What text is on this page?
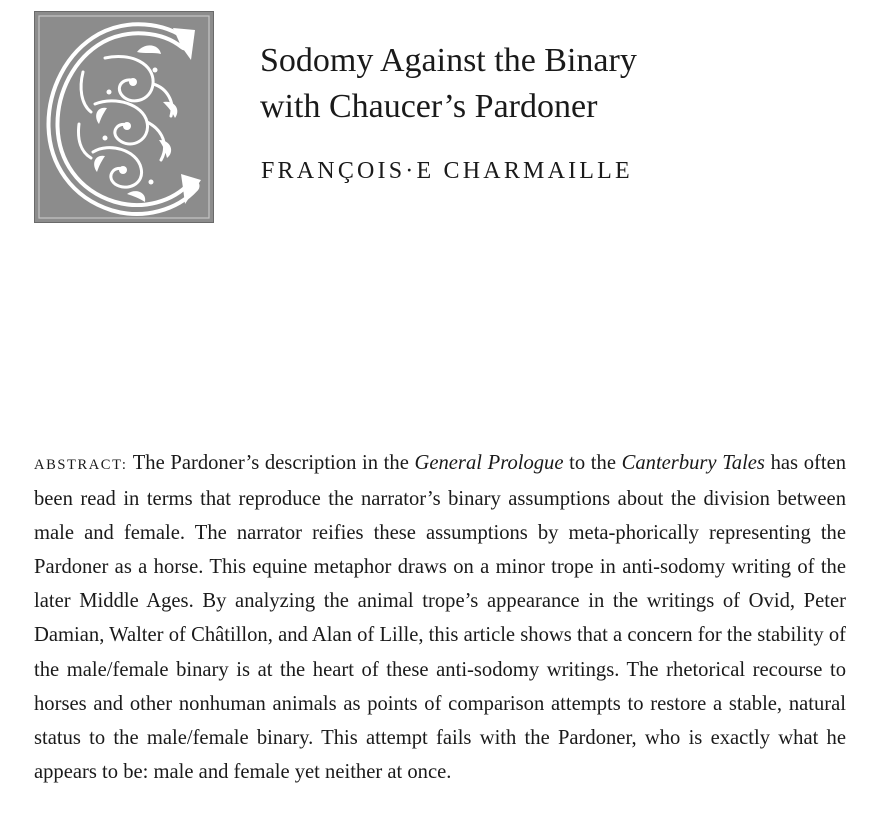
Sodomy Against the Binary
with Chaucer’s Pardoner

FRANÇOIS·E CHARMAILLE

ABSTRACT: The Pardoner’s description in the General Prologue to the Canterbury Tales has often been read in terms that reproduce the narrator’s binary assumptions about the division between male and female. The narrator reifies these assumptions by meta-phorically representing the Pardoner as a horse. This equine metaphor draws on a minor trope in anti-sodomy writing of the later Middle Ages. By analyzing the animal trope’s appearance in the writings of Ovid, Peter Damian, Walter of Châtillon, and Alan of Lille, this article shows that a concern for the stability of the male/female binary is at the heart of these anti-sodomy writings. The rhetorical recourse to horses and other nonhuman animals as points of comparison attempts to restore a stable, natural status to the male/female binary. This attempt fails with the Pardoner, who is exactly what he appears to be: male and female yet neither at once.
